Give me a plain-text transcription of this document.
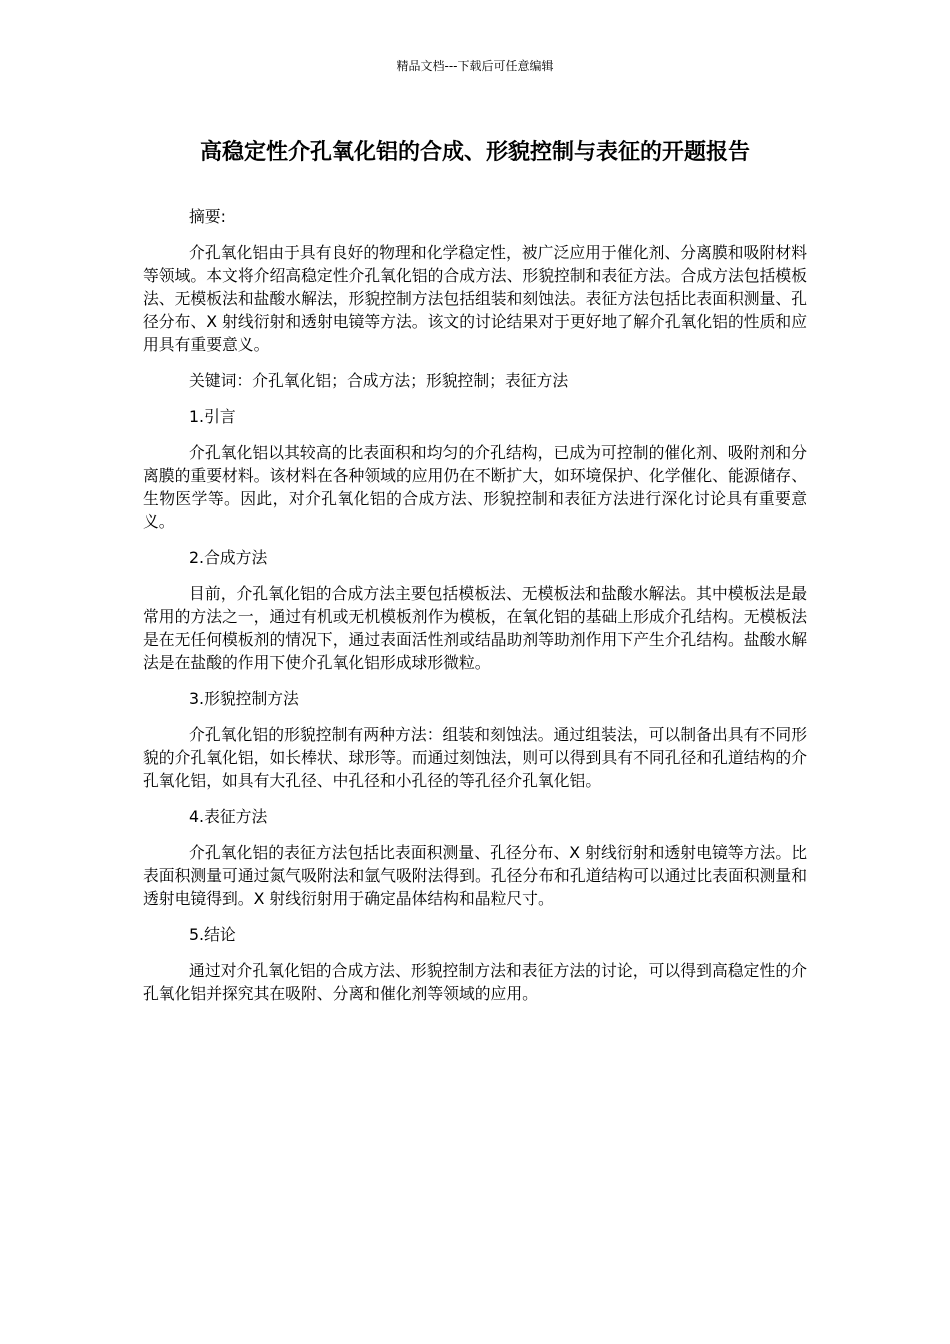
精品文档---下载后可任意编辑
高稳定性介孔氧化铝的合成、形貌控制与表征的开题报告

摘要:

介孔氧化铝由于具有良好的物理和化学稳定性，被广泛应用于催化剂、分离膜和吸附材料等领域。本文将介绍高稳定性介孔氧化铝的合成方法、形貌控制和表征方法。合成方法包括模板法、无模板法和盐酸水解法，形貌控制方法包括组装和刻蚀法。表征方法包括比表面积测量、孔径分布、X 射线衍射和透射电镜等方法。该文的讨论结果对于更好地了解介孔氧化铝的性质和应用具有重要意义。

关键词：介孔氧化铝；合成方法；形貌控制；表征方法

1.引言

介孔氧化铝以其较高的比表面积和均匀的介孔结构，已成为可控制的催化剂、吸附剂和分离膜的重要材料。该材料在各种领域的应用仍在不断扩大，如环境保护、化学催化、能源储存、生物医学等。因此，对介孔氧化铝的合成方法、形貌控制和表征方法进行深化讨论具有重要意义。

2.合成方法

目前，介孔氧化铝的合成方法主要包括模板法、无模板法和盐酸水解法。其中模板法是最常用的方法之一，通过有机或无机模板剂作为模板，在氧化铝的基础上形成介孔结构。无模板法是在无任何模板剂的情况下，通过表面活性剂或结晶助剂等助剂作用下产生介孔结构。盐酸水解法是在盐酸的作用下使介孔氧化铝形成球形微粒。

3.形貌控制方法

介孔氧化铝的形貌控制有两种方法：组装和刻蚀法。通过组装法，可以制备出具有不同形貌的介孔氧化铝，如长棒状、球形等。而通过刻蚀法，则可以得到具有不同孔径和孔道结构的介孔氧化铝，如具有大孔径、中孔径和小孔径的等孔径介孔氧化铝。

4.表征方法

介孔氧化铝的表征方法包括比表面积测量、孔径分布、X 射线衍射和透射电镜等方法。比表面积测量可通过氮气吸附法和氩气吸附法得到。孔径分布和孔道结构可以通过比表面积测量和透射电镜得到。X 射线衍射用于确定晶体结构和晶粒尺寸。

5.结论

通过对介孔氧化铝的合成方法、形貌控制方法和表征方法的讨论，可以得到高稳定性的介孔氧化铝并探究其在吸附、分离和催化剂等领域的应用。
